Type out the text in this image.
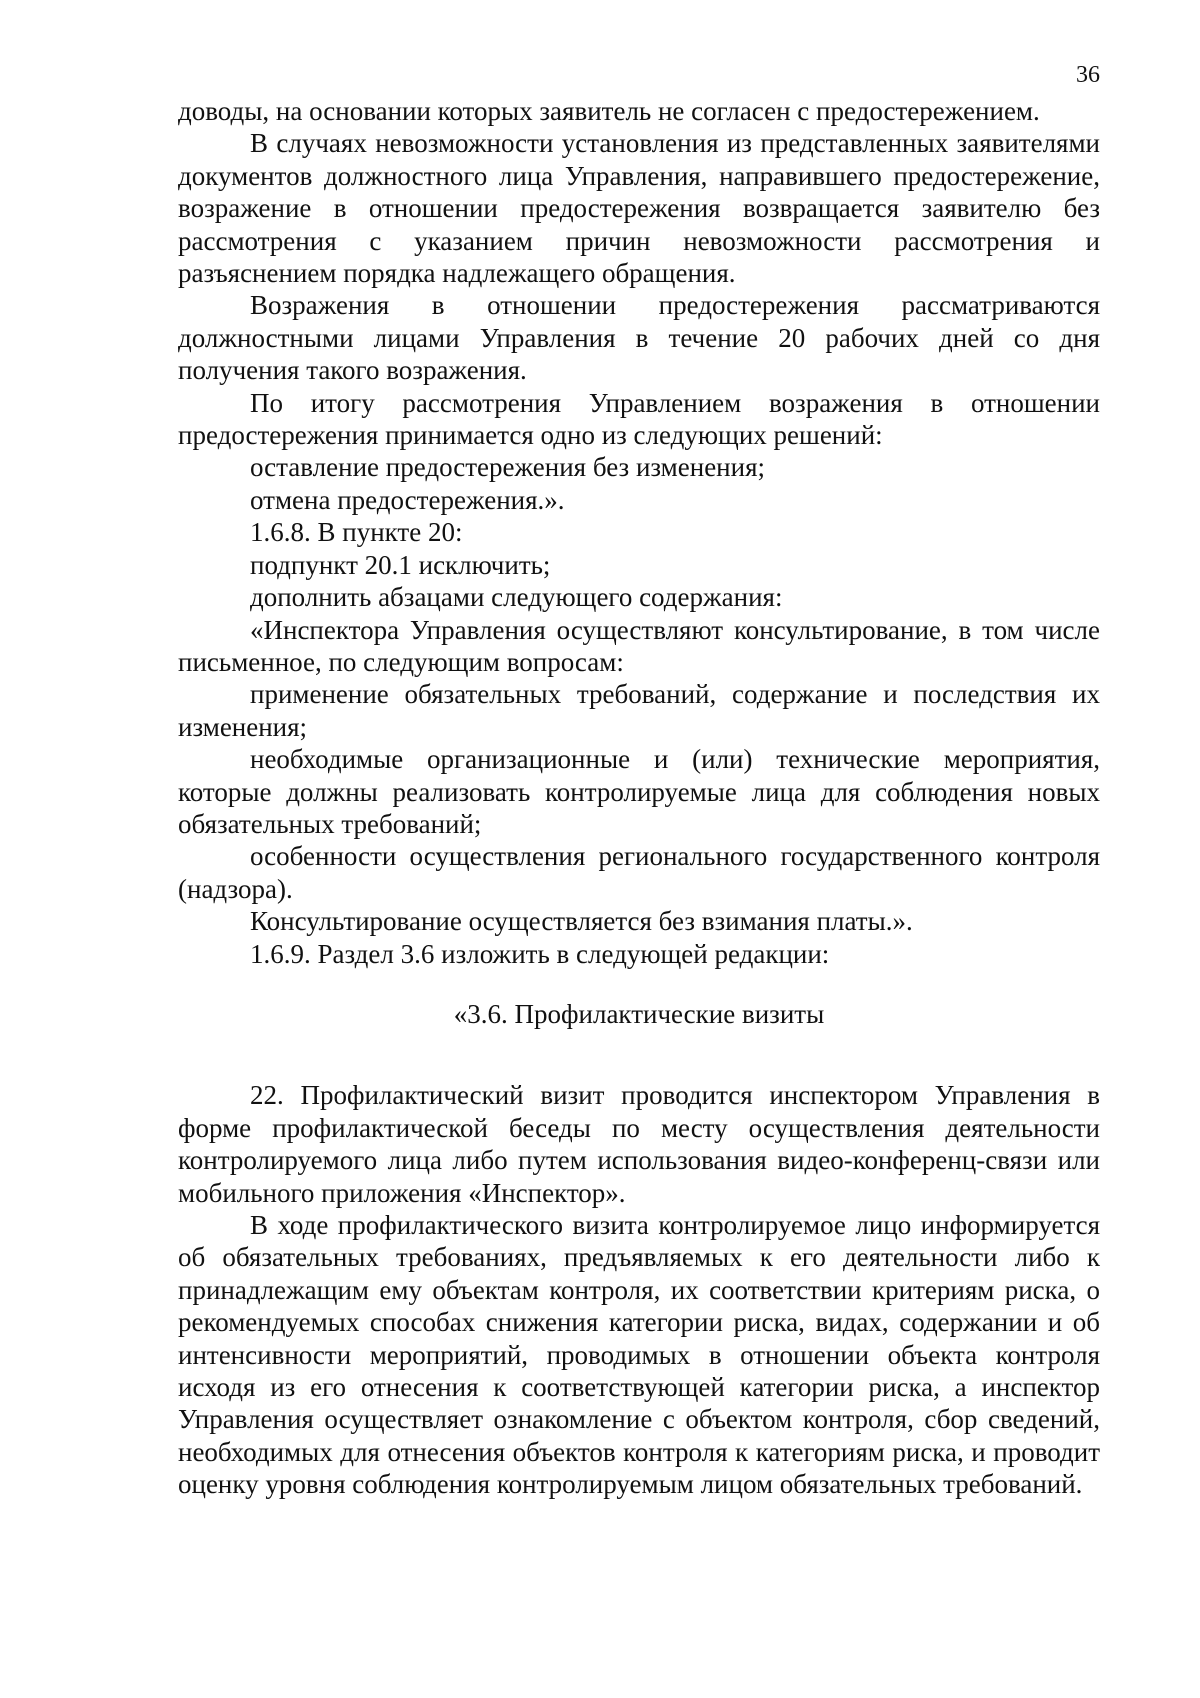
36

доводы, на основании которых заявитель не согласен с предостережением.

В случаях невозможности установления из представленных заявителями документов должностного лица Управления, направившего предостережение, возражение в отношении предостережения возвращается заявителю без рассмотрения с указанием причин невозможности рассмотрения и разъяснением порядка надлежащего обращения.

Возражения в отношении предостережения рассматриваются должностными лицами Управления в течение 20 рабочих дней со дня получения такого возражения.

По итогу рассмотрения Управлением возражения в отношении предостережения принимается одно из следующих решений:

оставление предостережения без изменения;

отмена предостережения.».

1.6.8. В пункте 20:

подпункт 20.1 исключить;

дополнить абзацами следующего содержания:

«Инспектора Управления осуществляют консультирование, в том числе письменное, по следующим вопросам:

применение обязательных требований, содержание и последствия их изменения;

необходимые организационные и (или) технические мероприятия, которые должны реализовать контролируемые лица для соблюдения новых обязательных требований;

особенности осуществления регионального государственного контроля (надзора).

Консультирование осуществляется без взимания платы.».

1.6.9. Раздел 3.6 изложить в следующей редакции:

«3.6. Профилактические визиты

22. Профилактический визит проводится инспектором Управления в форме профилактической беседы по месту осуществления деятельности контролируемого лица либо путем использования видео-конференц-связи или мобильного приложения «Инспектор».

В ходе профилактического визита контролируемое лицо информируется об обязательных требованиях, предъявляемых к его деятельности либо к принадлежащим ему объектам контроля, их соответствии критериям риска, о рекомендуемых способах снижения категории риска, видах, содержании и об интенсивности мероприятий, проводимых в отношении объекта контроля исходя из его отнесения к соответствующей категории риска, а инспектор Управления осуществляет ознакомление с объектом контроля, сбор сведений, необходимых для отнесения объектов контроля к категориям риска, и проводит оценку уровня соблюдения контролируемым лицом обязательных требований.
